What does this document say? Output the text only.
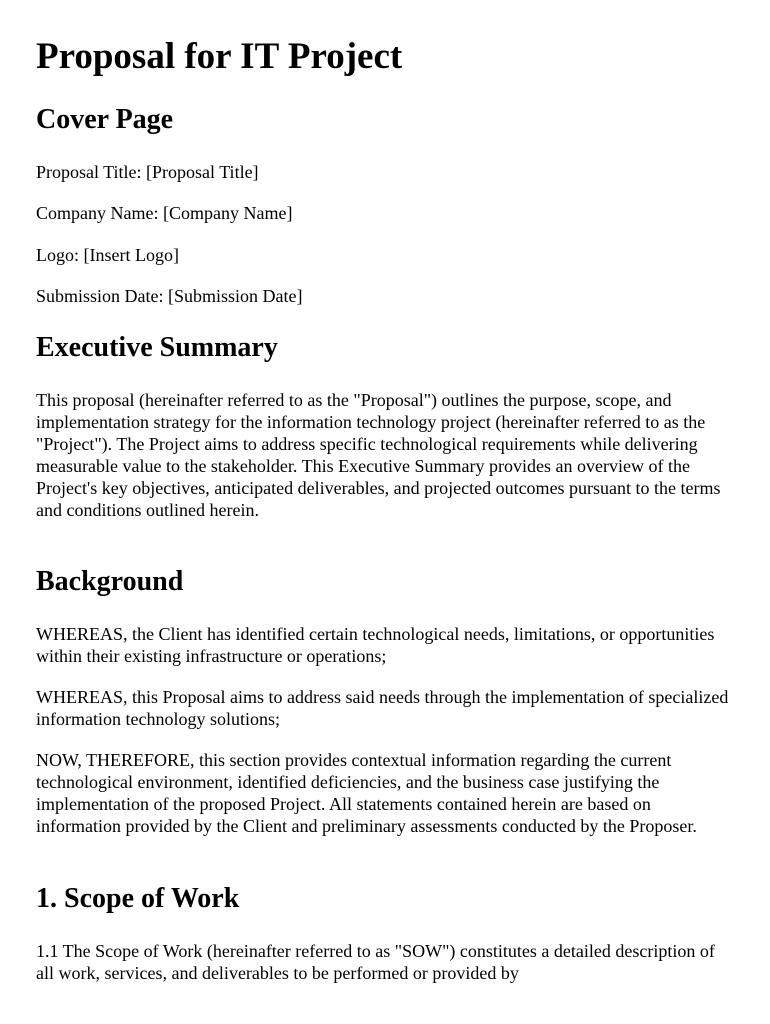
Proposal for IT Project
Cover Page

Proposal Title: [Proposal Title]

Company Name: [Company Name]

Logo: [Insert Logo]

Submission Date: [Submission Date]

Executive Summary

This proposal (hereinafter referred to as the "Proposal") outlines the purpose, scope, and implementation strategy for the information technology project (hereinafter referred to as the "Project"). The Project aims to address specific technological requirements while delivering measurable value to the stakeholder. This Executive Summary provides an overview of the Project's key objectives, anticipated deliverables, and projected outcomes pursuant to the terms and conditions outlined herein.

Background

WHEREAS, the Client has identified certain technological needs, limitations, or opportunities within their existing infrastructure or operations;

WHEREAS, this Proposal aims to address said needs through the implementation of specialized information technology solutions;

NOW, THEREFORE, this section provides contextual information regarding the current technological environment, identified deficiencies, and the business case justifying the implementation of the proposed Project. All statements contained herein are based on information provided by the Client and preliminary assessments conducted by the Proposer.

1. Scope of Work

1.1 The Scope of Work (hereinafter referred to as "SOW") constitutes a detailed description of all work, services, and deliverables to be performed or provided by
